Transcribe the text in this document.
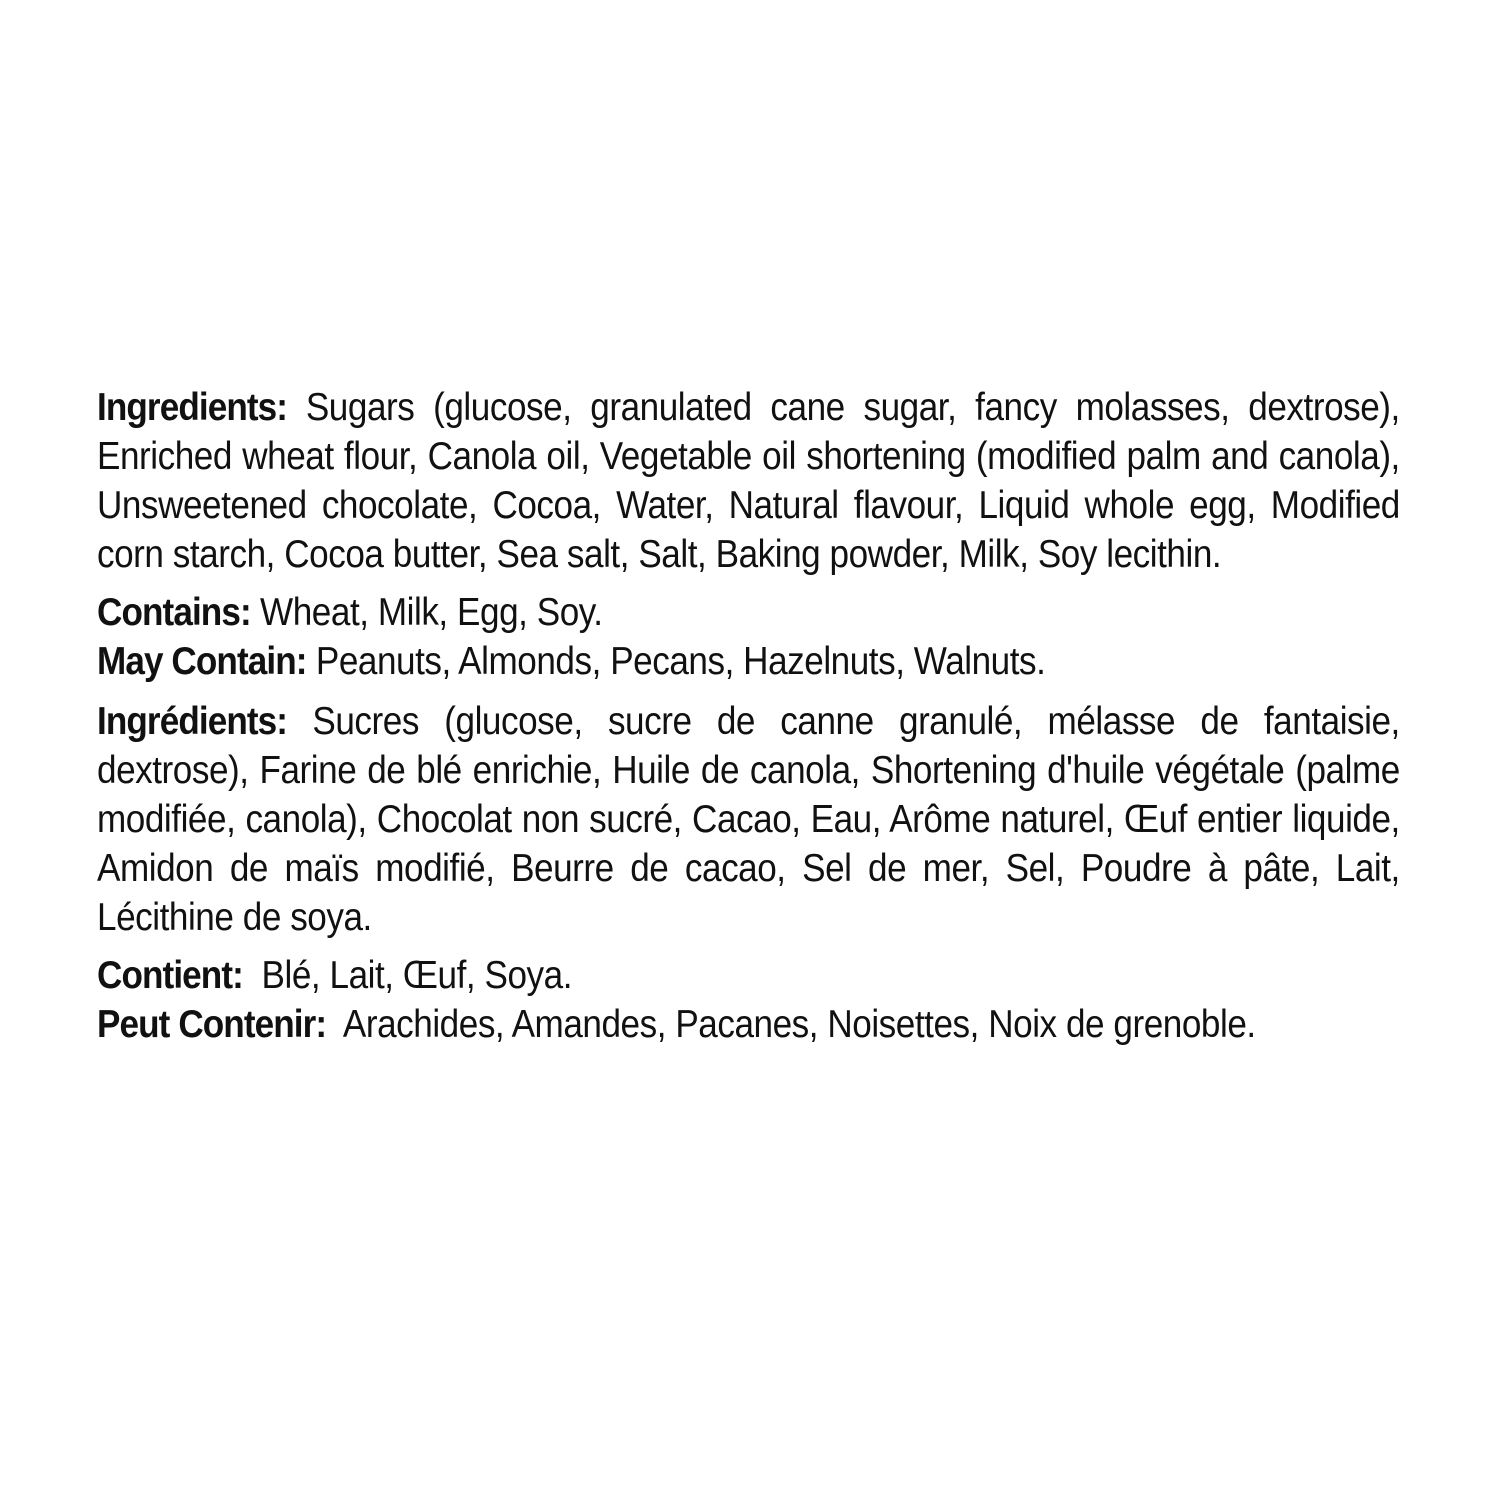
Ingredients: Sugars (glucose, granulated cane sugar, fancy molasses, dextrose), Enriched wheat flour, Canola oil, Vegetable oil shortening (modified palm and canola), Unsweetened chocolate, Cocoa, Water, Natural flavour, Liquid whole egg, Modified corn starch, Cocoa butter, Sea salt, Salt, Baking powder, Milk, Soy lecithin.

Contains: Wheat, Milk, Egg, Soy.

May Contain: Peanuts, Almonds, Pecans, Hazelnuts, Walnuts.

Ingrédients: Sucres (glucose, sucre de canne granulé, mélasse de fantaisie, dextrose), Farine de blé enrichie, Huile de canola, Shortening d'huile végétale (palme modifiée, canola), Chocolat non sucré, Cacao, Eau, Arôme naturel, Œuf entier liquide, Amidon de maïs modifié, Beurre de cacao, Sel de mer, Sel, Poudre à pâte, Lait, Lécithine de soya.

Contient: Blé, Lait, Œuf, Soya.

Peut Contenir: Arachides, Amandes, Pacanes, Noisettes, Noix de grenoble.
